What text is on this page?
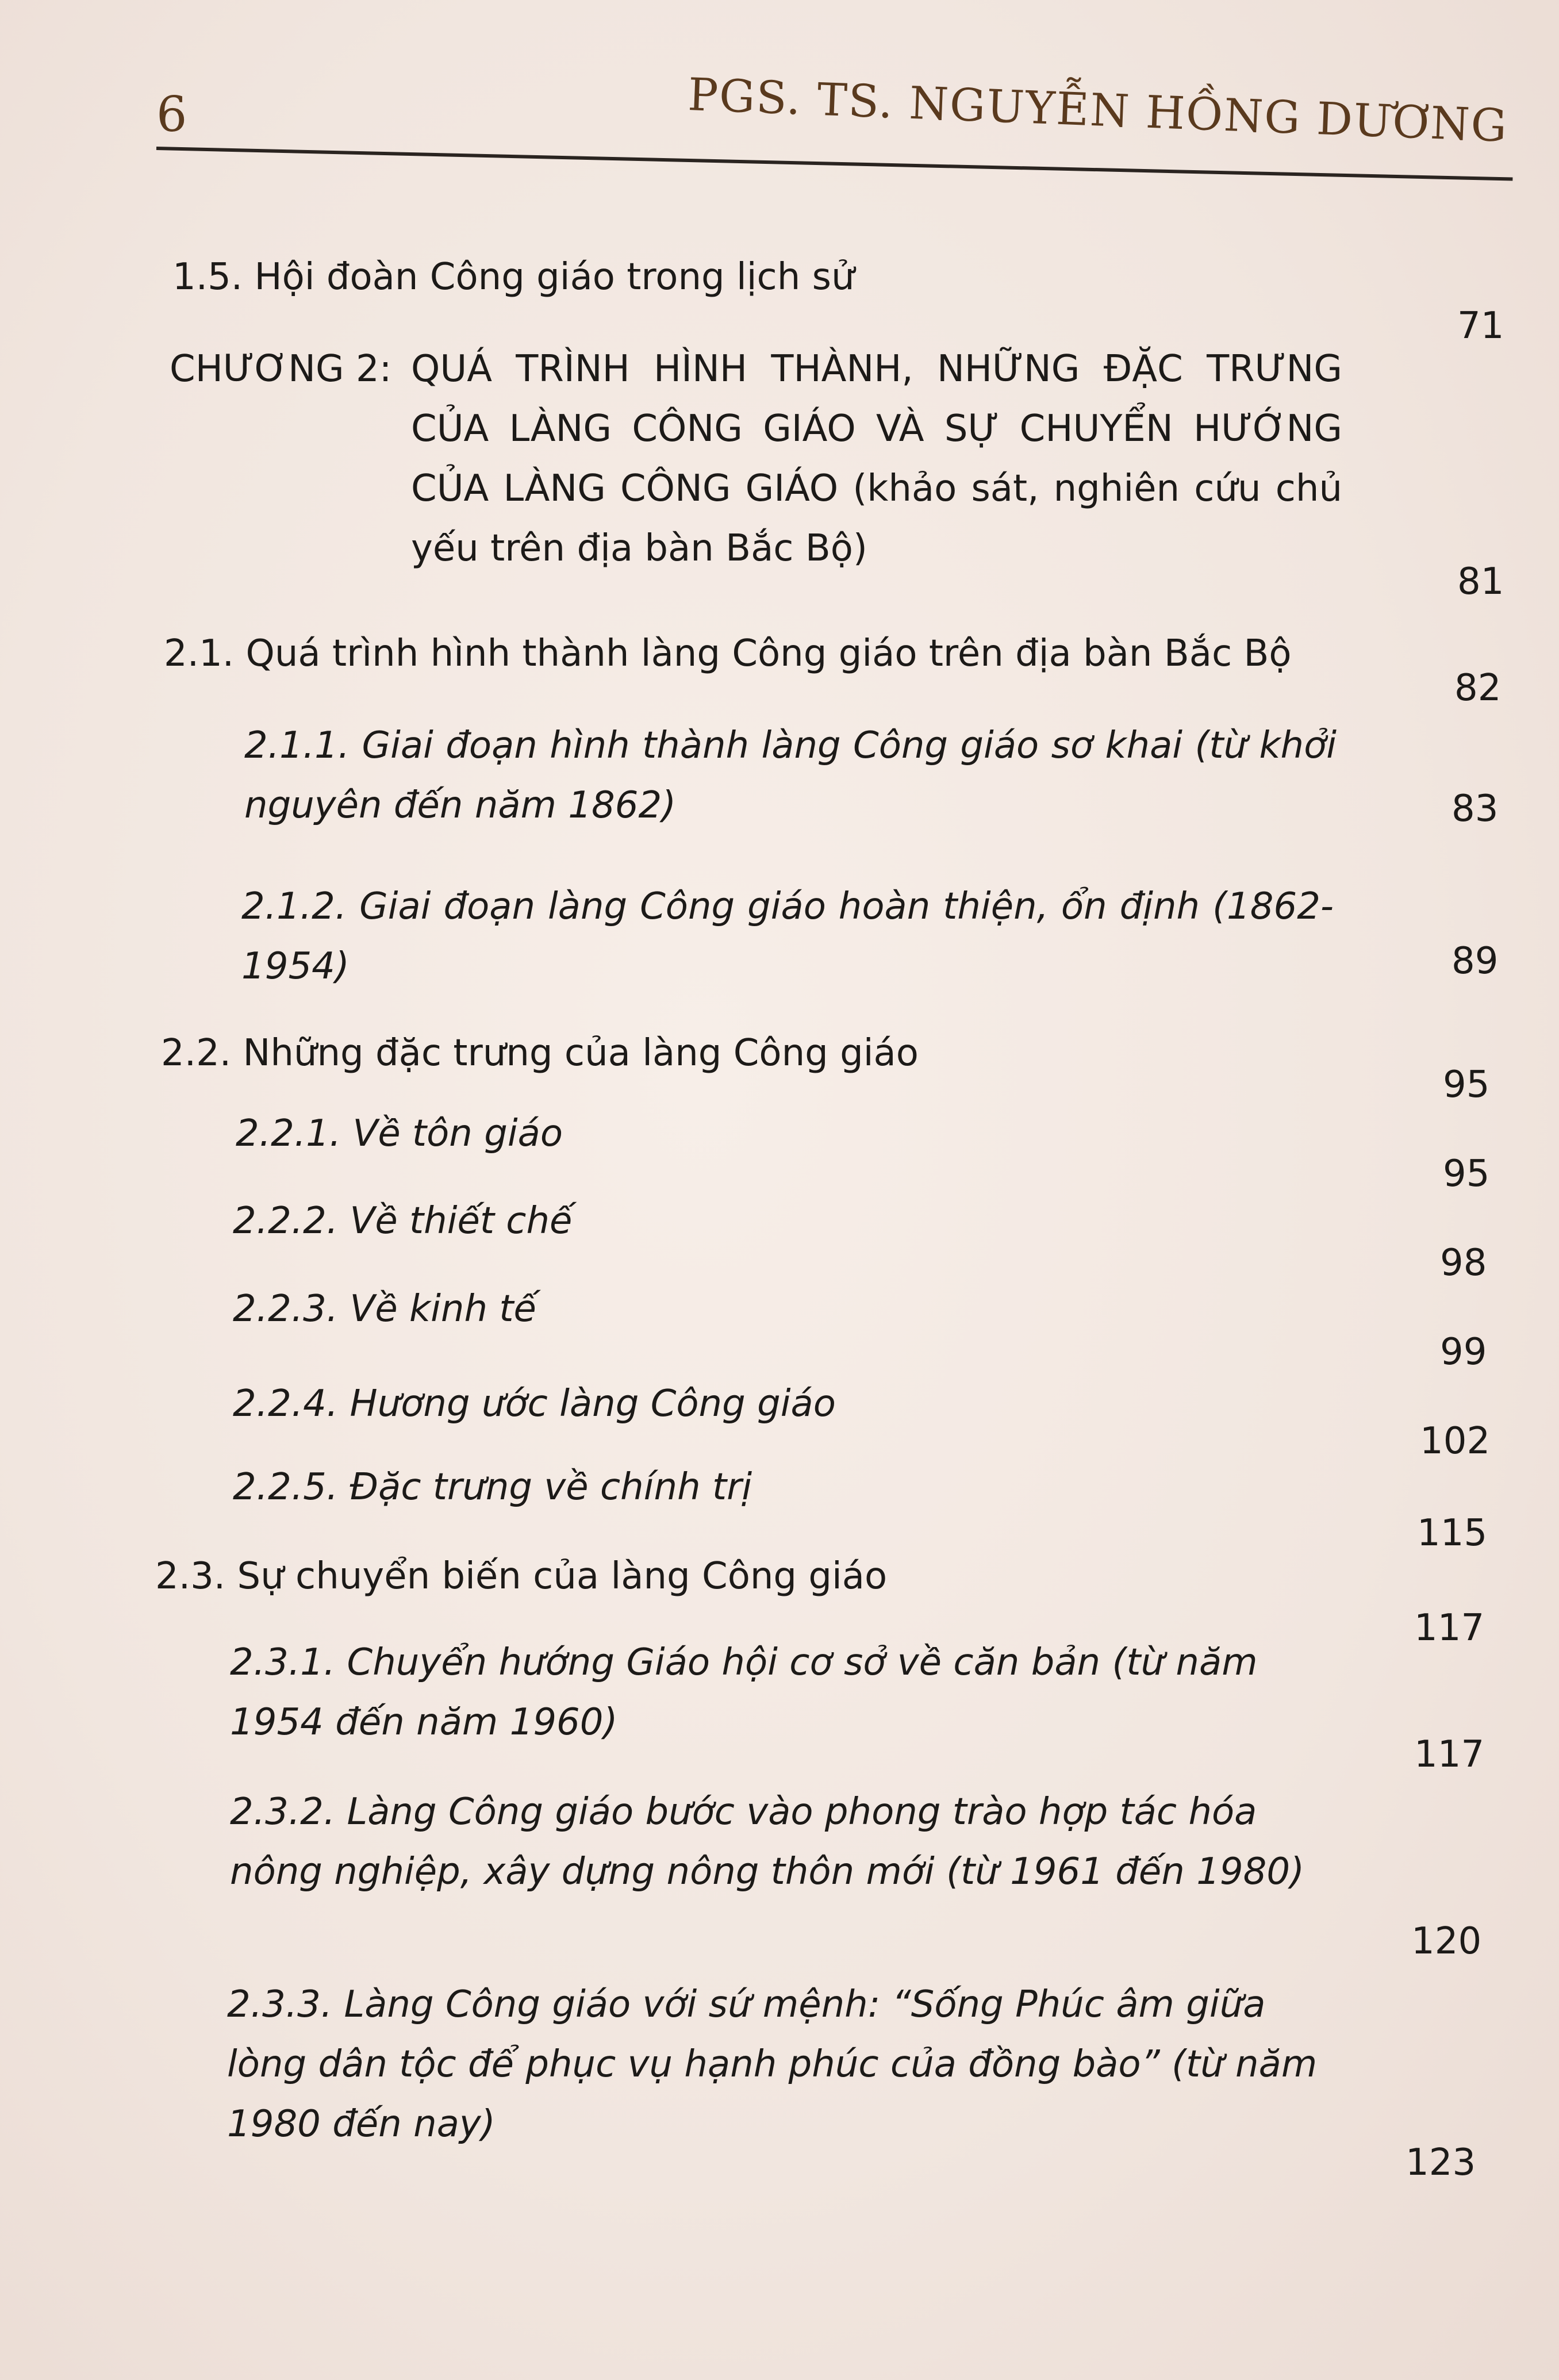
6	PGS. TS. NGUYỄN HỒNG DƯƠNG
1.5. Hội đoàn Công giáo trong lịch sử
71
CHƯƠNG 2: QUÁ TRÌNH HÌNH THÀNH, NHỮNG ĐẶC TRƯNG CỦA LÀNG CÔNG GIÁO VÀ SỰ CHUYỂN HƯỚNG CỦA LÀNG CÔNG GIÁO (khảo sát, nghiên cứu chủ yếu trên địa bàn Bắc Bộ)
81
2.1. Quá trình hình thành làng Công giáo trên địa bàn Bắc Bộ
82
2.1.1. Giai đoạn hình thành làng Công giáo sơ khai (từ khởi nguyên đến năm 1862)	83
2.1.2. Giai đoạn làng Công giáo hoàn thiện, ổn định (1862-1954)	89
2.2. Những đặc trưng của làng Công giáo
95
2.2.1. Về tôn giáo
95
2.2.2. Về thiết chế
98
2.2.3. Về kinh tế
99
2.2.4. Hương ước làng Công giáo
102
2.2.5. Đặc trưng về chính trị
115
2.3. Sự chuyển biến của làng Công giáo
117
2.3.1. Chuyển hướng Giáo hội cơ sở về căn bản (từ năm 1954 đến năm 1960)
117
2.3.2. Làng Công giáo bước vào phong trào hợp tác hóa nông nghiệp, xây dựng nông thôn mới (từ 1961 đến 1980)
120
2.3.3. Làng Công giáo với sứ mệnh: “Sống Phúc âm giữa lòng dân tộc để phục vụ hạnh phúc của đồng bào” (từ năm 1980 đến nay)
123
